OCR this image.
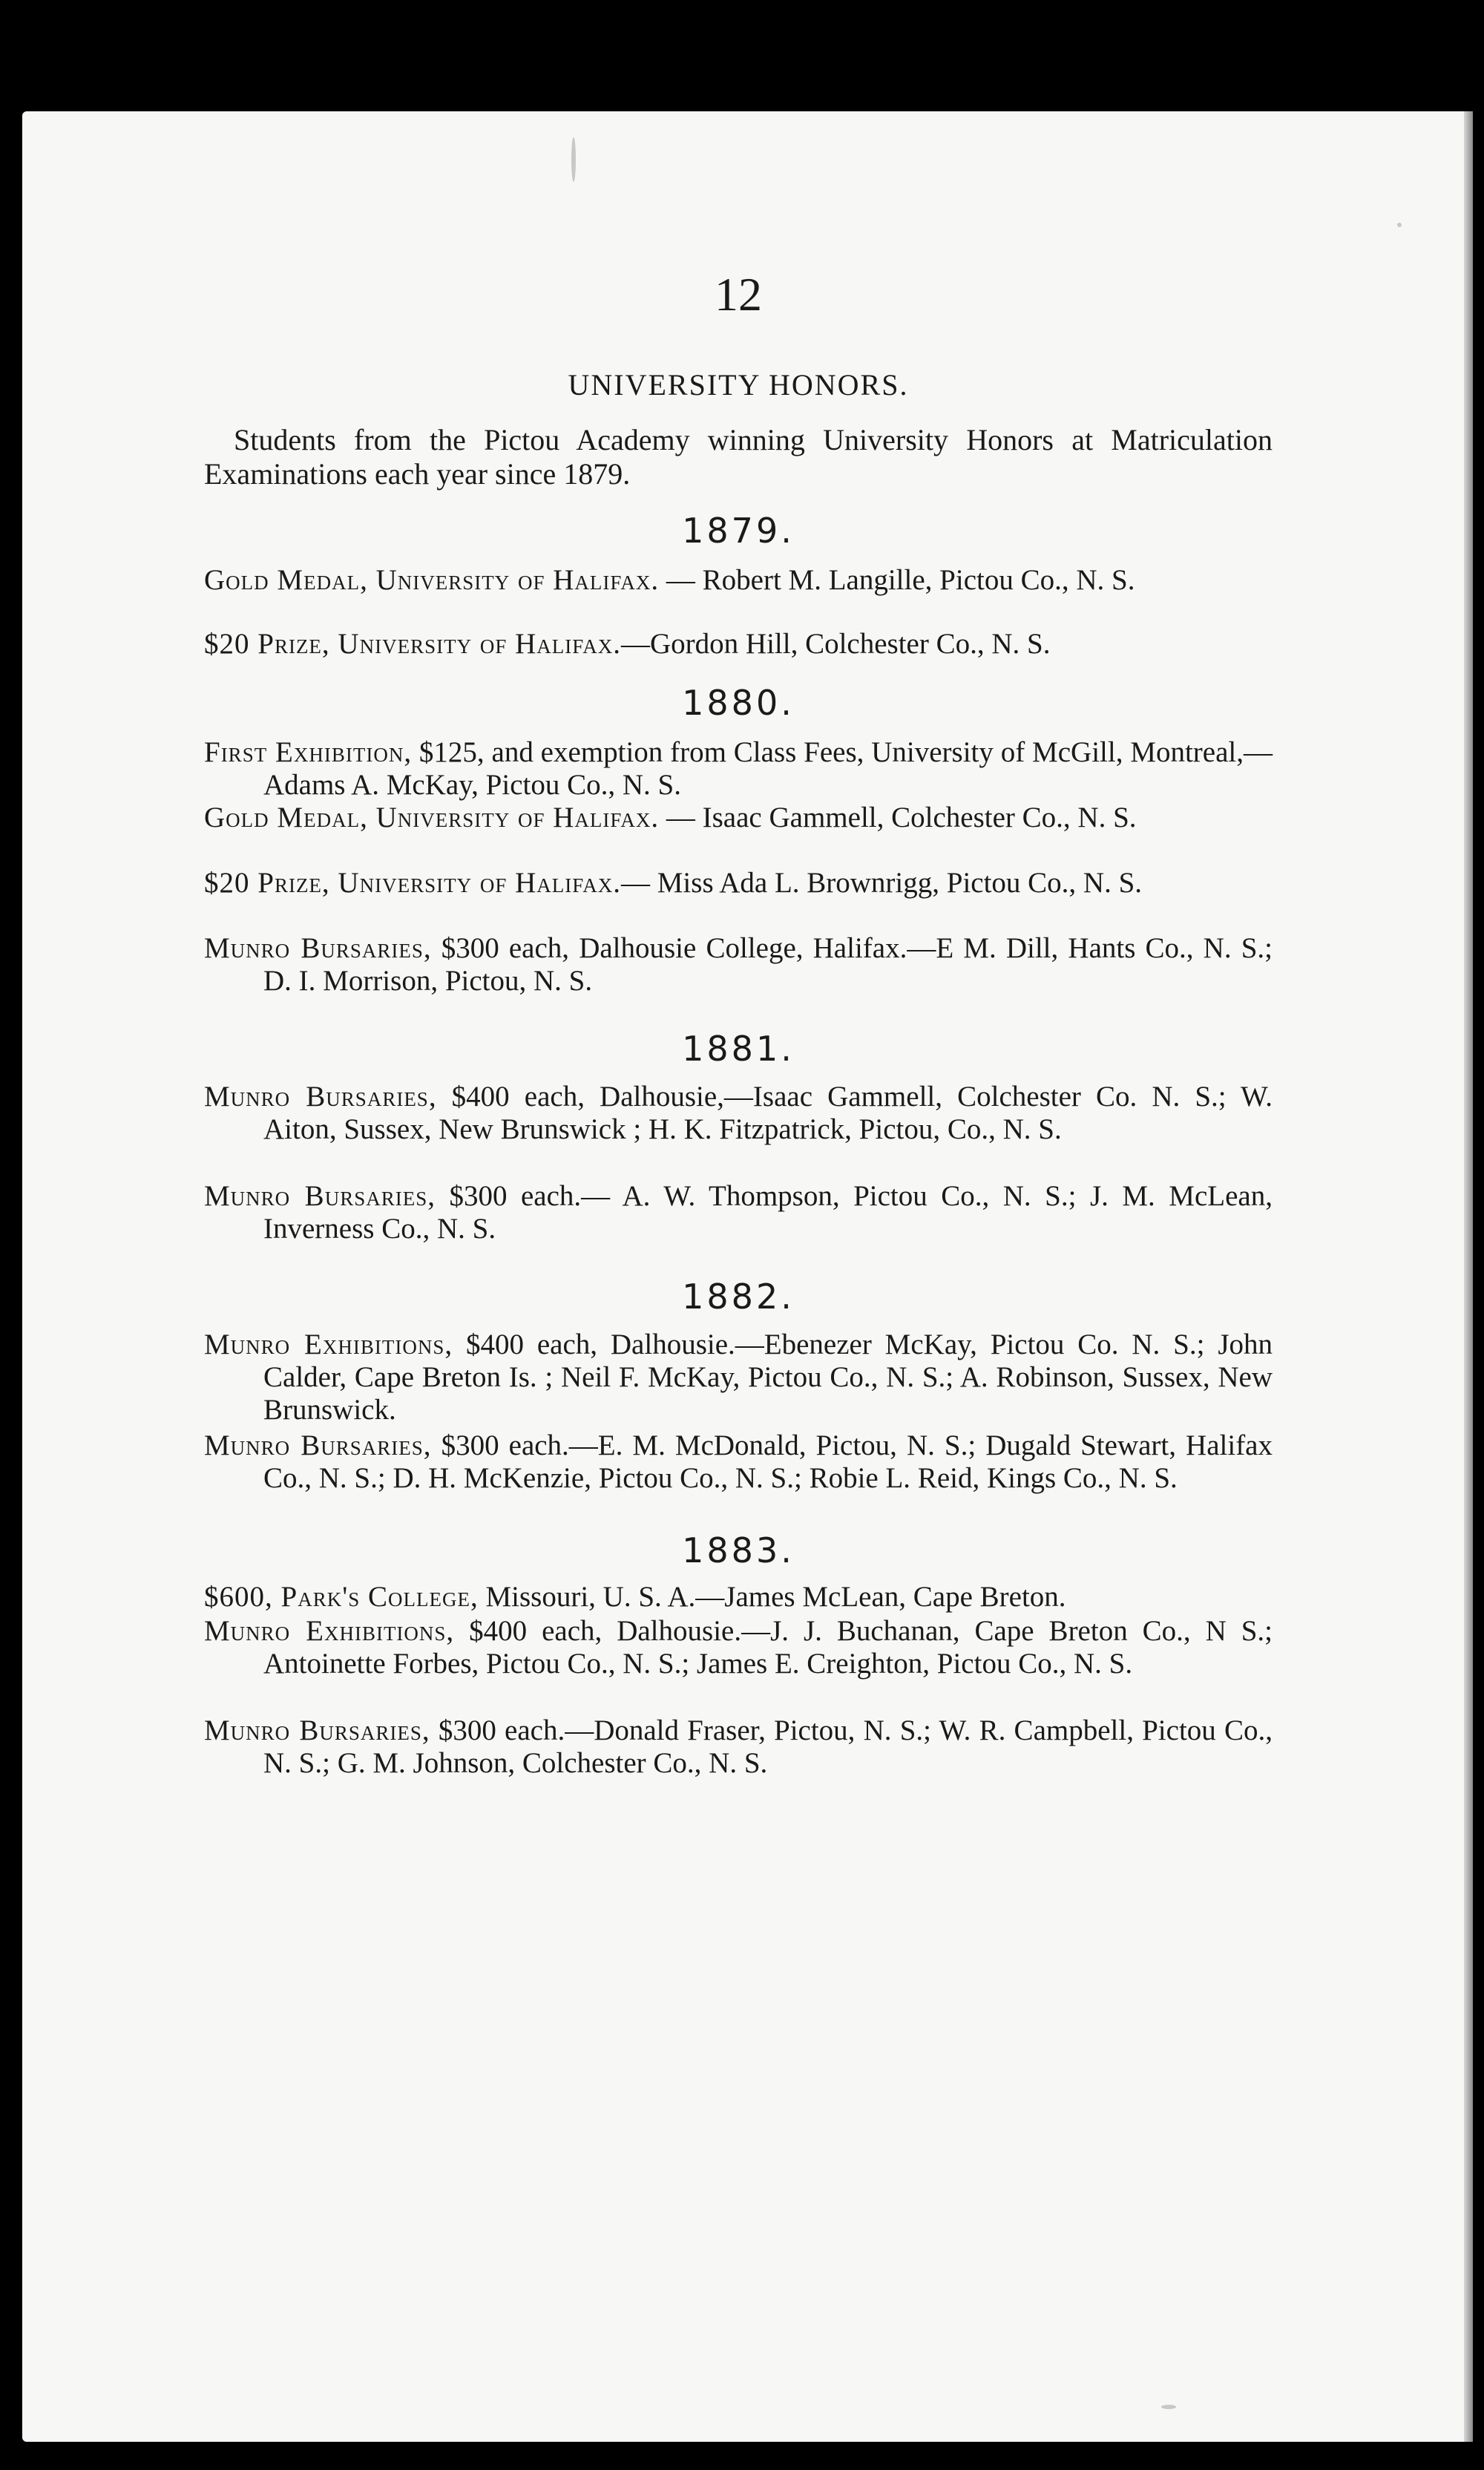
12
UNIVERSITY HONORS.
Students from the Pictou Academy winning University Honors at Matriculation Examinations each year since 1879.
1879.
Gold Medal, University of Halifax. — Robert M. Langille, Pictou Co., N. S.
$20 Prize, University of Halifax.—Gordon Hill, Colchester Co., N. S.
1880.
First Exhibition, $125, and exemption from Class Fees, University of McGill, Montreal,—Adams A. McKay, Pictou Co., N. S.
Gold Medal, University of Halifax. — Isaac Gammell, Colchester Co., N. S.
$20 Prize, University of Halifax.— Miss Ada L. Brownrigg, Pictou Co., N. S.
Munro Bursaries, $300 each, Dalhousie College, Halifax.—E M. Dill, Hants Co., N. S.; D. I. Morrison, Pictou, N. S.
1881.
Munro Bursaries, $400 each, Dalhousie,—Isaac Gammell, Colchester Co. N. S.; W. Aiton, Sussex, New Brunswick ; H. K. Fitzpatrick, Pictou, Co., N. S.
Munro Bursaries, $300 each.— A. W. Thompson, Pictou Co., N. S.; J. M. McLean, Inverness Co., N. S.
1882.
Munro Exhibitions, $400 each, Dalhousie.—Ebenezer McKay, Pictou Co. N. S.; John Calder, Cape Breton Is. ; Neil F. McKay, Pictou Co., N. S.; A. Robinson, Sussex, New Brunswick.
Munro Bursaries, $300 each.—E. M. McDonald, Pictou, N. S.; Dugald Stewart, Halifax Co., N. S.; D. H. McKenzie, Pictou Co., N. S.; Robie L. Reid, Kings Co., N. S.
1883.
$600, Park's College, Missouri, U. S. A.—James McLean, Cape Breton.
Munro Exhibitions, $400 each, Dalhousie.—J. J. Buchanan, Cape Breton Co., N S.; Antoinette Forbes, Pictou Co., N. S.; James E. Creighton, Pictou Co., N. S.
Munro Bursaries, $300 each.—Donald Fraser, Pictou, N. S.; W. R. Campbell, Pictou Co., N. S.; G. M. Johnson, Colchester Co., N. S.
